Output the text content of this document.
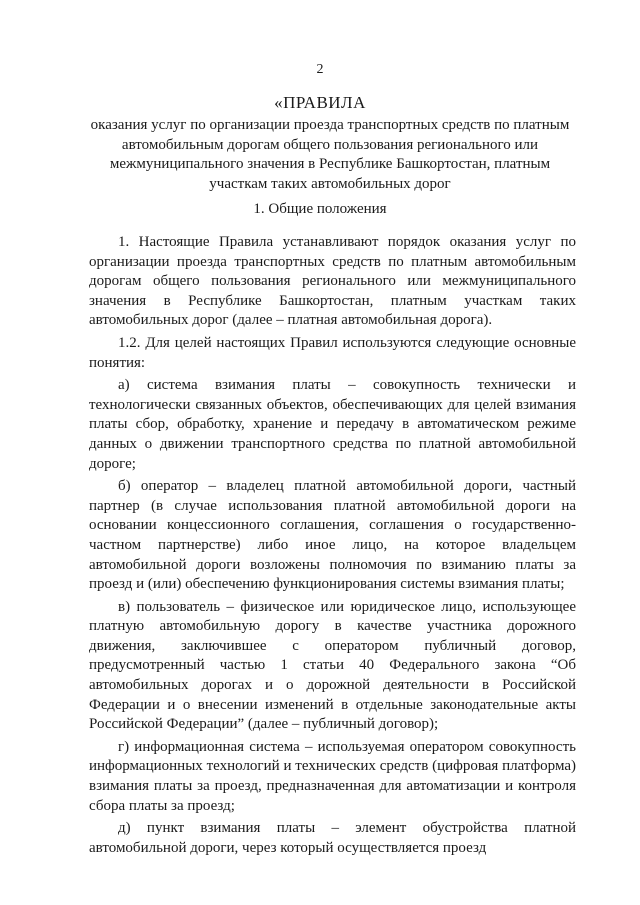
2
«ПРАВИЛА
оказания услуг по организации проезда транспортных средств по платным автомобильным дорогам общего пользования регионального или межмуниципального значения в Республике Башкортостан, платным участкам таких автомобильных дорог
1. Общие положения

1. Настоящие Правила устанавливают порядок оказания услуг по организации проезда транспортных средств по платным автомобильным дорогам общего пользования регионального или межмуниципального значения в Республике Башкортостан, платным участкам таких автомобильных дорог (далее – платная автомобильная дорога).

1.2. Для целей настоящих Правил используются следующие основные понятия:

а) система взимания платы – совокупность технически и технологически связанных объектов, обеспечивающих для целей взимания платы сбор, обработку, хранение и передачу в автоматическом режиме данных о движении транспортного средства по платной автомобильной дороге;

б) оператор – владелец платной автомобильной дороги, частный партнер (в случае использования платной автомобильной дороги на основании концессионного соглашения, соглашения о государственно-частном партнерстве) либо иное лицо, на которое владельцем автомобильной дороги возложены полномочия по взиманию платы за проезд и (или) обеспечению функционирования системы взимания платы;

в) пользователь – физическое или юридическое лицо, использующее платную автомобильную дорогу в качестве участника дорожного движения, заключившее с оператором публичный договор, предусмотренный частью 1 статьи 40 Федерального закона “Об автомобильных дорогах и о дорожной деятельности в Российской Федерации и о внесении изменений в отдельные законодательные акты Российской Федерации” (далее – публичный договор);

г) информационная система – используемая оператором совокупность информационных технологий и технических средств (цифровая платформа) взимания платы за проезд, предназначенная для автоматизации и контроля сбора платы за проезд;

д) пункт взимания платы – элемент обустройства платной автомобильной дороги, через который осуществляется проезд
